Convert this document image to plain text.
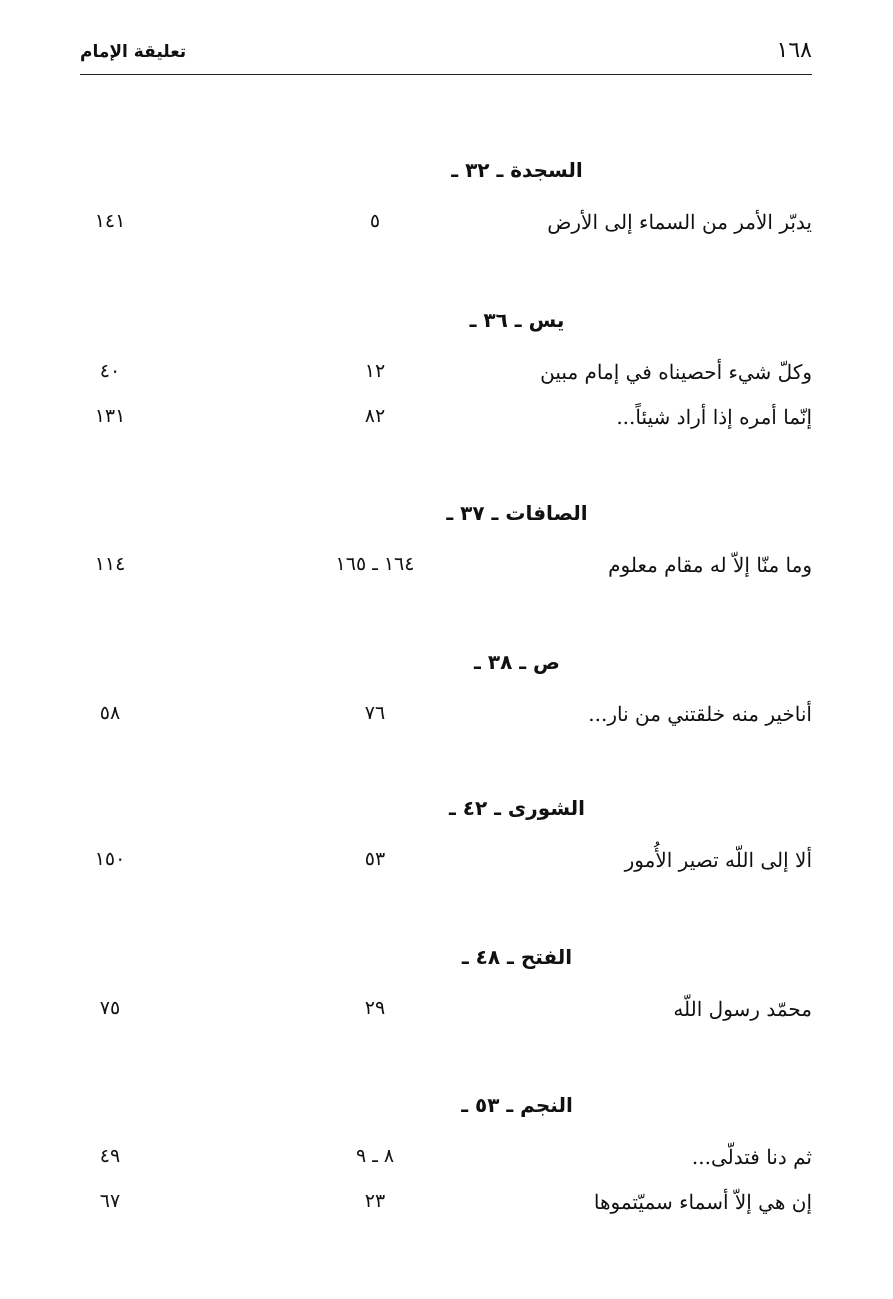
تعليقة الإمام	١٦٨
السجدة ـ ٣٢ ـ
يدبّر الأمر من السماء إلى الأرض
٥
١٤١
يس ـ ٣٦ ـ
وكلّ شيء أحصيناه في إمام مبين
١٢
٤٠
إنّما أمره إذا أراد شيئاً...
٨٢
١٣١
الصافات ـ ٣٧ ـ
وما منّا إلاّ له مقام معلوم
١٦٤ ـ ١٦٥
١١٤
ص ـ ٣٨ ـ
أناخير منه خلقتني من نار...
٧٦
٥٨
الشورى ـ ٤٢ ـ
ألا إلى اللّه تصير الأُمور
٥٣
١٥٠
الفتح ـ ٤٨ ـ
محمّد رسول اللّه
٢٩
٧٥
النجم ـ ٥٣ ـ
ثم دنا فتدلّى...
٨ ـ ٩
٤٩
إن هي إلاّ أسماء سميّتموها
٢٣
٦٧
